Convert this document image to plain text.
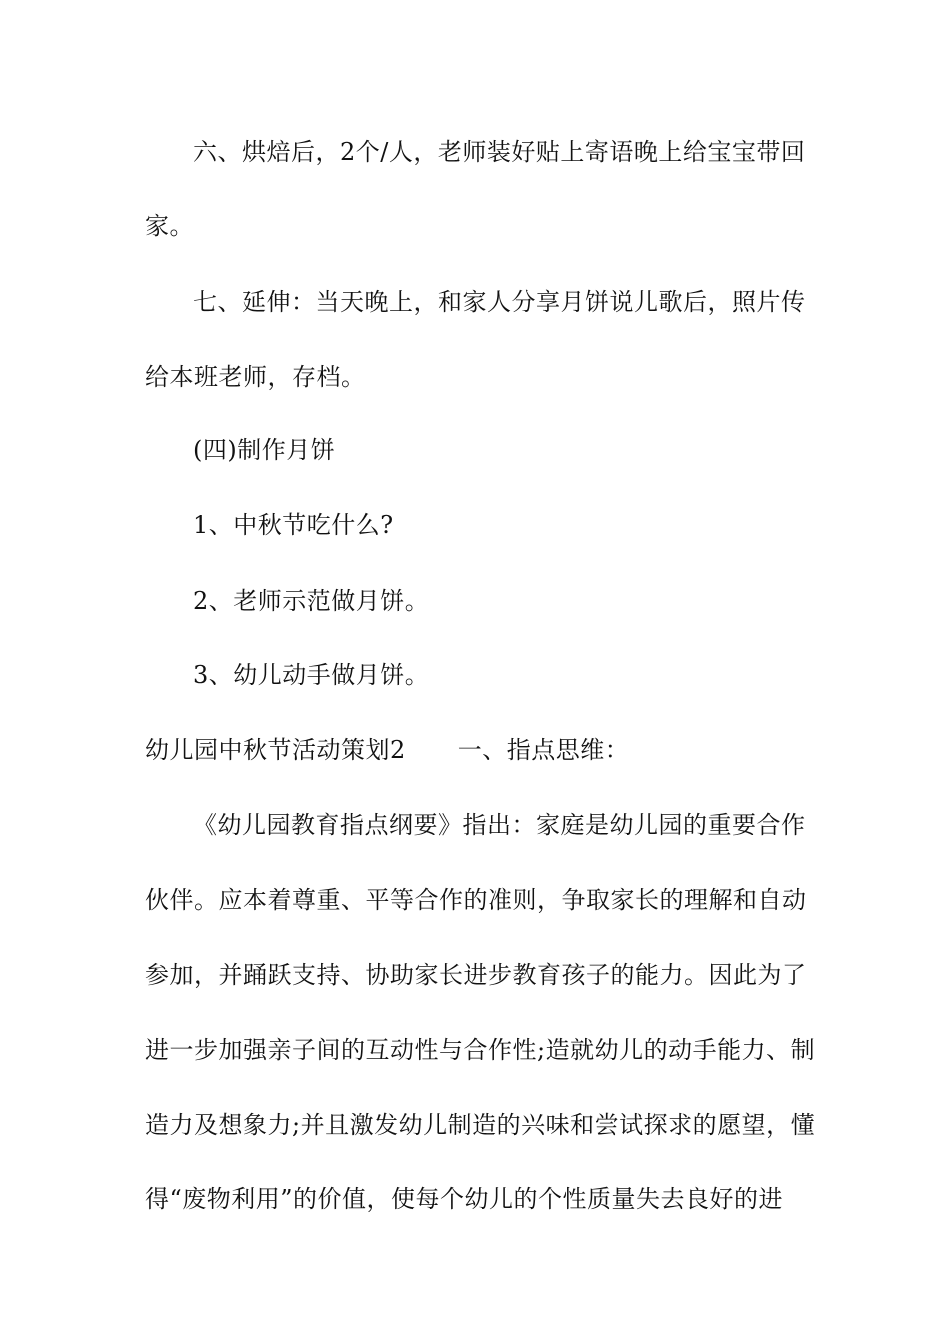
六、烘焙后，2个/人，老师装好贴上寄语晚上给宝宝带回
家。
七、延伸：当天晚上，和家人分享月饼说儿歌后，照片传
给本班老师，存档。
(四)制作月饼
1、中秋节吃什么?
2、老师示范做月饼。
3、幼儿动手做月饼。
幼儿园中秋节活动策划2 一、指点思维：
《幼儿园教育指点纲要》指出：家庭是幼儿园的重要合作
伙伴。应本着尊重、平等合作的准则，争取家长的理解和自动
参加，并踊跃支持、协助家长进步教育孩子的能力。因此为了
进一步加强亲子间的互动性与合作性;造就幼儿的动手能力、制
造力及想象力;并且激发幼儿制造的兴味和尝试探求的愿望，懂
得“废物利用”的价值，使每个幼儿的个性质量失去良好的进
